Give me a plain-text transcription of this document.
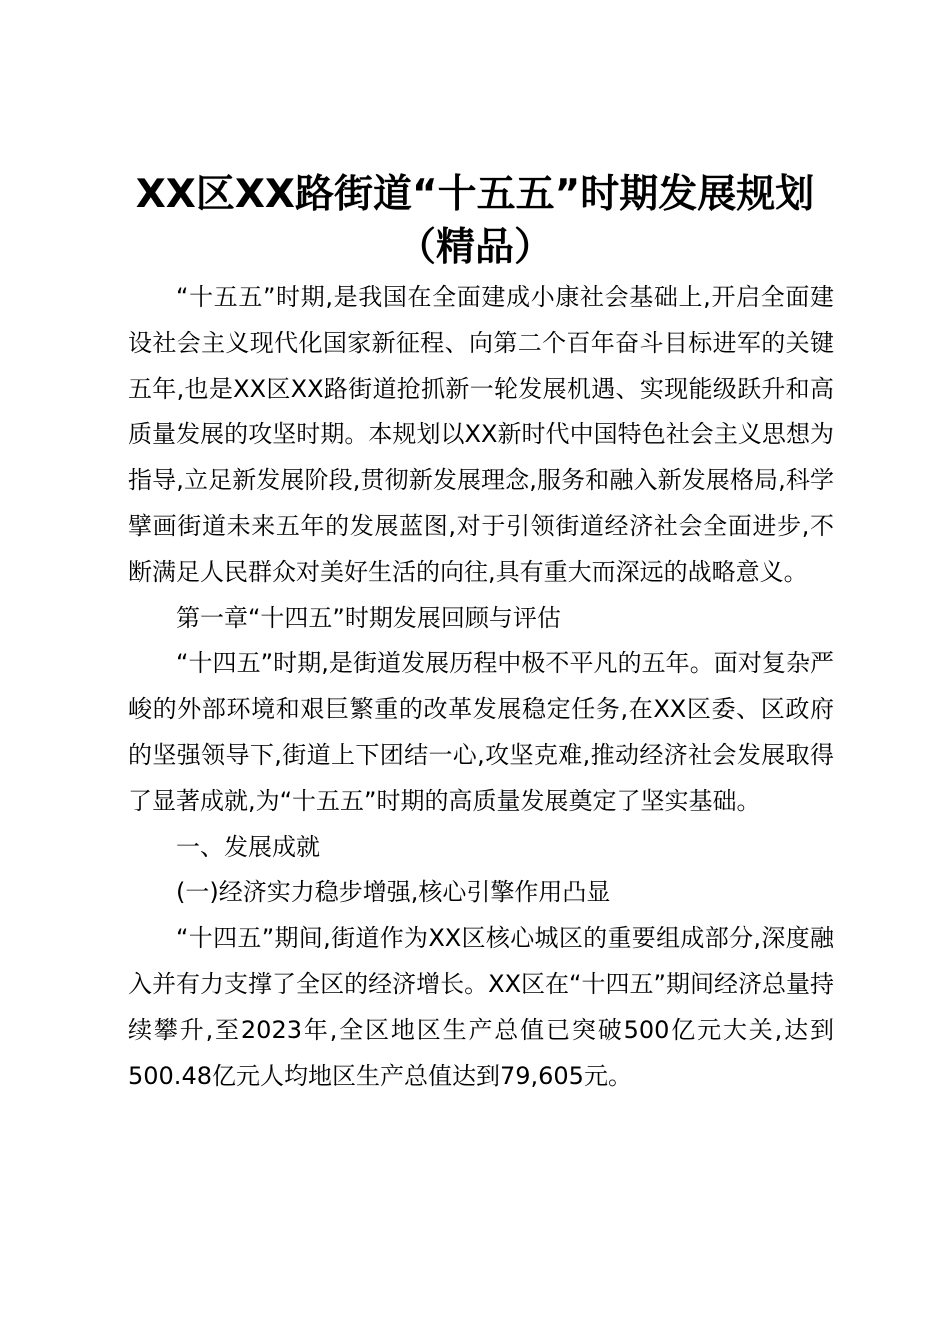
XX区XX路街道“十五五”时期发展规划（精品）

“十五五”时期,是我国在全面建成小康社会基础上,开启全面建设社会主义现代化国家新征程、向第二个百年奋斗目标进军的关键五年,也是XX区XX路街道抢抓新一轮发展机遇、实现能级跃升和高质量发展的攻坚时期。本规划以XX新时代中国特色社会主义思想为指导,立足新发展阶段,贯彻新发展理念,服务和融入新发展格局,科学擘画街道未来五年的发展蓝图,对于引领街道经济社会全面进步,不断满足人民群众对美好生活的向往,具有重大而深远的战略意义。

第一章“十四五”时期发展回顾与评估

“十四五”时期,是街道发展历程中极不平凡的五年。面对复杂严峻的外部环境和艰巨繁重的改革发展稳定任务,在XX区委、区政府的坚强领导下,街道上下团结一心,攻坚克难,推动经济社会发展取得了显著成就,为“十五五”时期的高质量发展奠定了坚实基础。

一、发展成就

(一)经济实力稳步增强,核心引擎作用凸显

“十四五”期间,街道作为XX区核心城区的重要组成部分,深度融入并有力支撑了全区的经济增长。XX区在“十四五”期间经济总量持续攀升,至2023年,全区地区生产总值已突破500亿元大关,达到500.48亿元人均地区生产总值达到79,605元。
